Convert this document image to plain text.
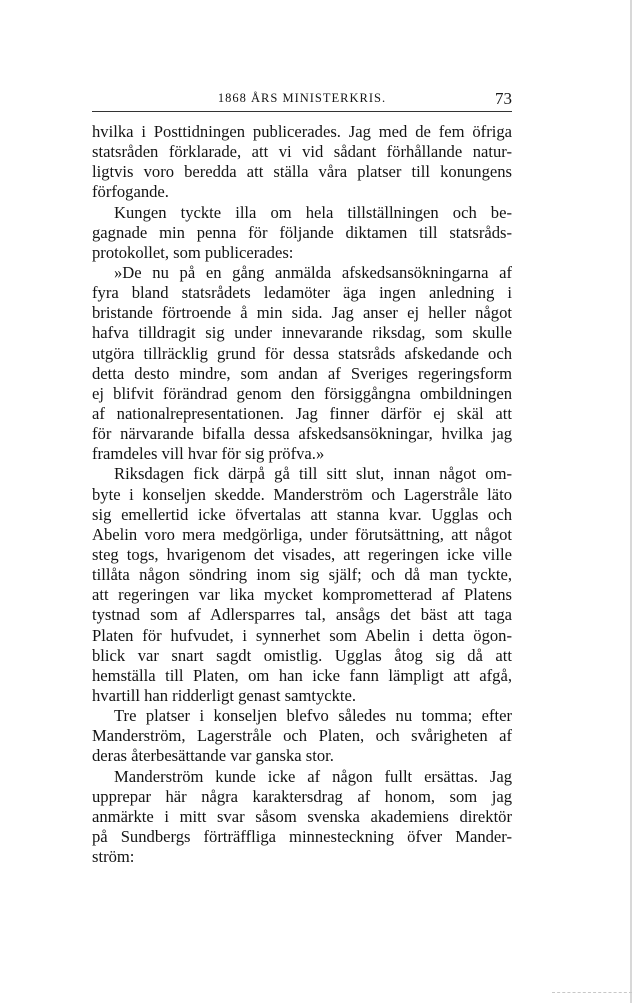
1868 ÅRS MINISTERKRIS.	73

hvilka i Posttidningen publicerades. Jag med de fem öfriga
statsråden förklarade, att vi vid sådant förhållande natur-
ligtvis voro beredda att ställa våra platser till konungens
förfogande.

Kungen tyckte illa om hela tillställningen och be-
gagnade min penna för följande diktamen till statsråds-
protokollet, som publicerades:

»De nu på en gång anmälda afskedsansökningarna af
fyra bland statsrådets ledamöter äga ingen anledning i
bristande förtroende å min sida. Jag anser ej heller något
hafva tilldragit sig under innevarande riksdag, som skulle
utgöra tillräcklig grund för dessa statsråds afskedande och
detta desto mindre, som andan af Sveriges regeringsform
ej blifvit förändrad genom den försiggångna ombildningen
af nationalrepresentationen. Jag finner därför ej skäl att
för närvarande bifalla dessa afskedsansökningar, hvilka jag
framdeles vill hvar för sig pröfva.»

Riksdagen fick därpå gå till sitt slut, innan något om-
byte i konseljen skedde. Manderström och Lagerstråle läto
sig emellertid icke öfvertalas att stanna kvar. Ugglas och
Abelin voro mera medgörliga, under förutsättning, att något
steg togs, hvarigenom det visades, att regeringen icke ville
tillåta någon söndring inom sig själf; och då man tyckte,
att regeringen var lika mycket komprometterad af Platens
tystnad som af Adlersparres tal, ansågs det bäst att taga
Platen för hufvudet, i synnerhet som Abelin i detta ögon-
blick var snart sagdt omistlig. Ugglas åtog sig då att
hemställa till Platen, om han icke fann lämpligt att afgå,
hvartill han ridderligt genast samtyckte.

Tre platser i konseljen blefvo således nu tomma; efter
Manderström, Lagerstråle och Platen, och svårigheten af
deras återbesättande var ganska stor.

Manderström kunde icke af någon fullt ersättas. Jag
upprepar här några karaktersdrag af honom, som jag
anmärkte i mitt svar såsom svenska akademiens direktör
på Sundbergs förträffliga minnesteckning öfver Mander-
ström:
